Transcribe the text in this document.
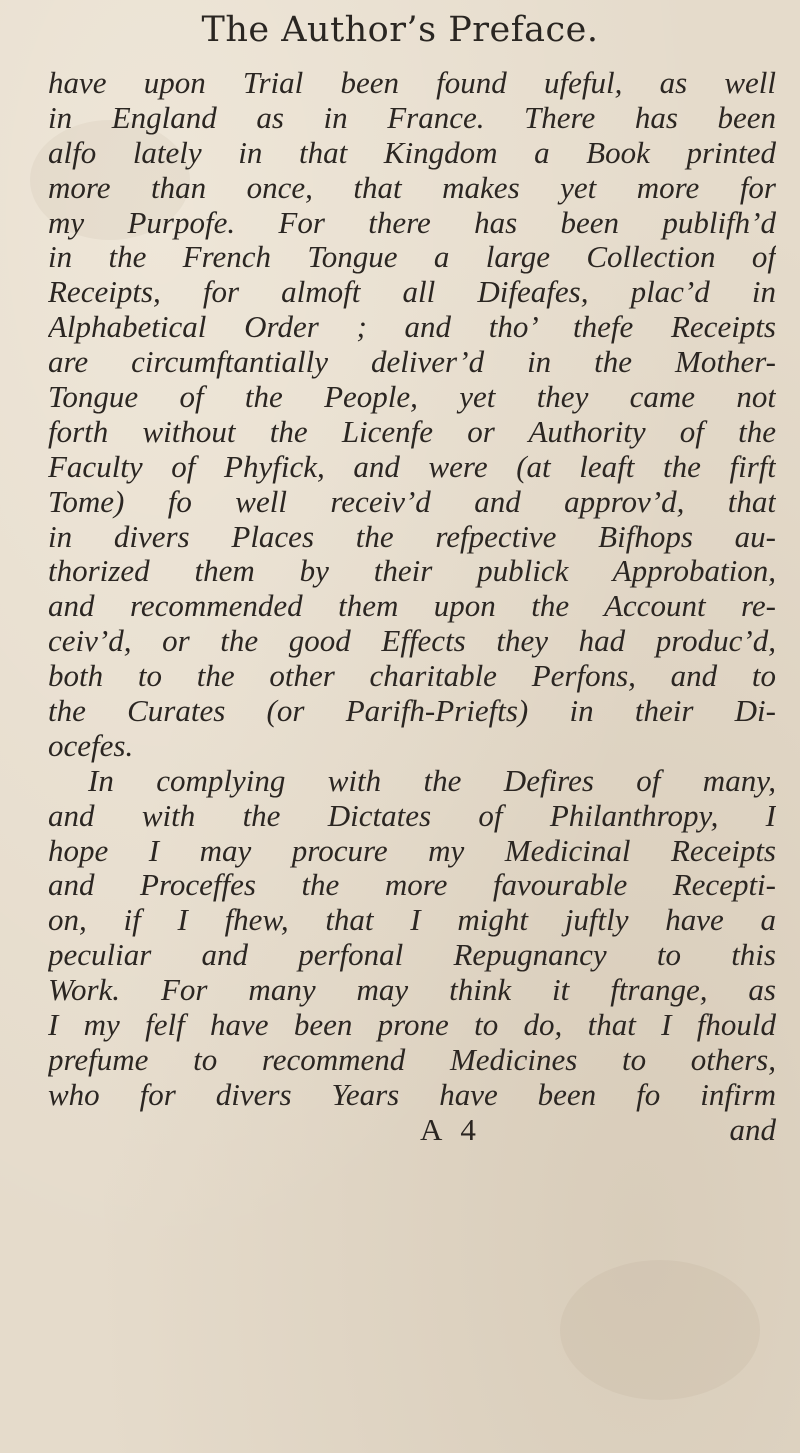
The Author’s Preface.
have upon Trial been found ufeful, as well
in England as in France. There has been
alfo lately in that Kingdom a Book printed
more than once, that makes yet more for
my Purpofe. For there has been publifh’d
in the French Tongue a large Collection of
Receipts, for almoft all Difeafes, plac’d in
Alphabetical Order ; and tho’ thefe Receipts
are circumftantially deliver’d in the Mother-
Tongue of the People, yet they came not
forth without the Licenfe or Authority of the
Faculty of Phyfick, and were (at leaft the firft
Tome) fo well receiv’d and approv’d, that
in divers Places the refpective Bifhops au-
thorized them by their publick Approbation,
and recommended them upon the Account re-
ceiv’d, or the good Effects they had produc’d,
both to the other charitable Perfons, and to
the Curates (or Parifh-Priefts) in their Di-
ocefes.
In complying with the Defires of many,
and with the Dictates of Philanthropy, I
hope I may procure my Medicinal Receipts
and Proceffes the more favourable Recepti-
on, if I fhew, that I might juftly have a
peculiar and perfonal Repugnancy to this
Work. For many may think it ftrange, as
I my felf have been prone to do, that I fhould
prefume to recommend Medicines to others,
who for divers Years have been fo infirm
A 4	and
